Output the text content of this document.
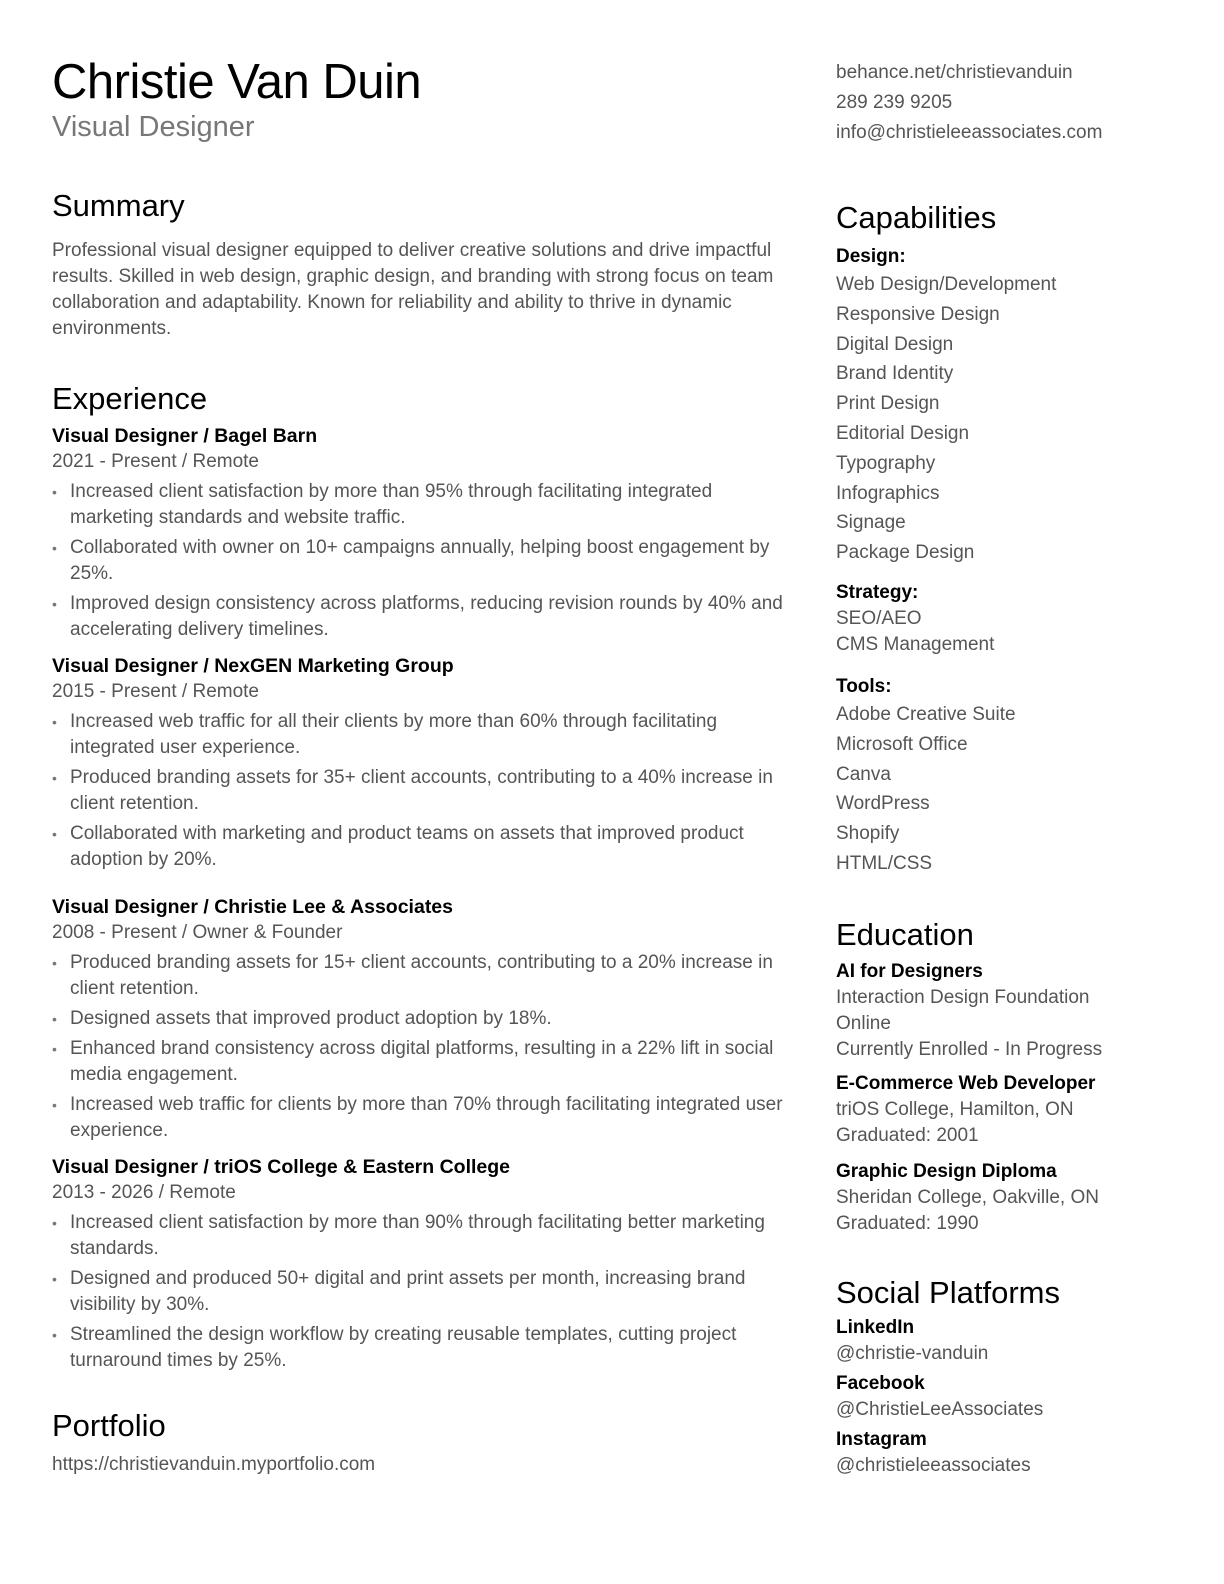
Christie Van Duin

Visual Designer

Summary

Professional visual designer equipped to deliver creative solutions and drive impactful results. Skilled in web design, graphic design, and branding with strong focus on team collaboration and adaptability. Known for reliability and ability to thrive in dynamic environments.

Experience

Visual Designer / Bagel Barn

2021 - Present / Remote

• Increased client satisfaction by more than 95% through facilitating integrated marketing standards and website traffic.
• Collaborated with owner on 10+ campaigns annually, helping boost engagement by 25%.
• Improved design consistency across platforms, reducing revision rounds by 40% and accelerating delivery timelines.

Visual Designer / NexGEN Marketing Group

2015 - Present / Remote

• Increased web traffic for all their clients by more than 60% through facilitating integrated user experience.
• Produced branding assets for 35+ client accounts, contributing to a 40% increase in client retention.
• Collaborated with marketing and product teams on assets that improved product adoption by 20%.

Visual Designer / Christie Lee & Associates

2008 - Present / Owner & Founder

• Produced branding assets for 15+ client accounts, contributing to a 20% increase in client retention.
• Designed assets that improved product adoption by 18%.
• Enhanced brand consistency across digital platforms, resulting in a 22% lift in social media engagement.
• Increased web traffic for clients by more than 70% through facilitating integrated user experience.

Visual Designer / triOS College & Eastern College

2013 - 2026 / Remote

• Increased client satisfaction by more than 90% through facilitating better marketing standards.
• Designed and produced 50+ digital and print assets per month, increasing brand visibility by 30%.
• Streamlined the design workflow by creating reusable templates, cutting project turnaround times by 25%.
Portfolio

https://christievanduin.myportfolio.com

behance.net/christievanduin

289 239 9205

info@christieleeassociates.com

Capabilities

Design:

Web Design/Development

Responsive Design

Digital Design

Brand Identity

Print Design

Editorial Design

Typography

Infographics

Signage

Package Design

Strategy:

SEO/AEO

CMS Management

Tools:

Adobe Creative Suite

Microsoft Office

Canva

WordPress

Shopify

HTML/CSS

Education

AI for Designers

Interaction Design Foundation

Online

Currently Enrolled - In Progress

E-Commerce Web Developer

triOS College, Hamilton, ON

Graduated: 2001

Graphic Design Diploma

Sheridan College, Oakville, ON

Graduated: 1990

Social Platforms

LinkedIn

@christie-vanduin

Facebook

@ChristieLeeAssociates

Instagram

@christieleeassociates
